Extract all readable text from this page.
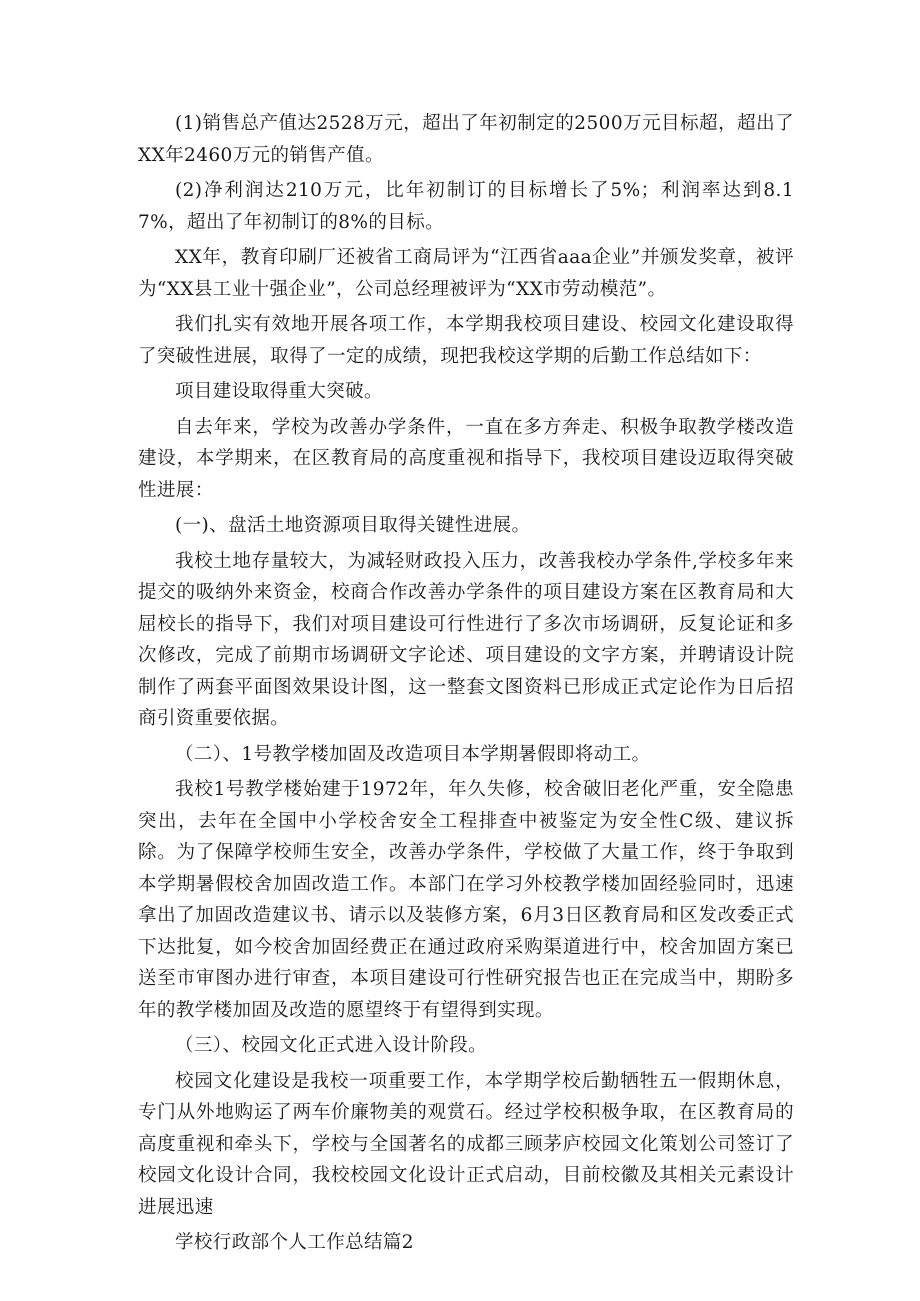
(1)销售总产值达2528万元，超出了年初制定的2500万元目标超，超出了XX年2460万元的销售产值。

(2)净利润达210万元，比年初制订的目标增长了5%；利润率达到8.17%，超出了年初制订的8%的目标。

XX年，教育印刷厂还被省工商局评为“江西省aaa企业”并颁发奖章，被评为“XX县工业十强企业”，公司总经理被评为“XX市劳动模范”。

我们扎实有效地开展各项工作，本学期我校项目建设、校园文化建设取得了突破性进展，取得了一定的成绩，现把我校这学期的后勤工作总结如下：

项目建设取得重大突破。

自去年来，学校为改善办学条件，一直在多方奔走、积极争取教学楼改造建设，本学期来，在区教育局的高度重视和指导下，我校项目建设迈取得突破性进展：

(一)、盘活土地资源项目取得关键性进展。

我校土地存量较大，为减轻财政投入压力，改善我校办学条件,学校多年来提交的吸纳外来资金，校商合作改善办学条件的项目建设方案在区教育局和大屈校长的指导下，我们对项目建设可行性进行了多次市场调研，反复论证和多次修改，完成了前期市场调研文字论述、项目建设的文字方案，并聘请设计院制作了两套平面图效果设计图，这一整套文图资料已形成正式定论作为日后招商引资重要依据。

（二）、1号教学楼加固及改造项目本学期暑假即将动工。

我校1号教学楼始建于1972年，年久失修，校舍破旧老化严重，安全隐患突出，去年在全国中小学校舍安全工程排查中被鉴定为安全性C级、建议拆除。为了保障学校师生安全，改善办学条件，学校做了大量工作，终于争取到本学期暑假校舍加固改造工作。本部门在学习外校教学楼加固经验同时，迅速拿出了加固改造建议书、请示以及装修方案，6月3日区教育局和区发改委正式下达批复，如今校舍加固经费正在通过政府采购渠道进行中，校舍加固方案已送至市审图办进行审查，本项目建设可行性研究报告也正在完成当中，期盼多年的教学楼加固及改造的愿望终于有望得到实现。

（三）、校园文化正式进入设计阶段。

校园文化建设是我校一项重要工作，本学期学校后勤牺牲五一假期休息，专门从外地购运了两车价廉物美的观赏石。经过学校积极争取，在区教育局的高度重视和牵头下，学校与全国著名的成都三顾茅庐校园文化策划公司签订了校园文化设计合同，我校校园文化设计正式启动，目前校徽及其相关元素设计进展迅速

学校行政部个人工作总结篇2
